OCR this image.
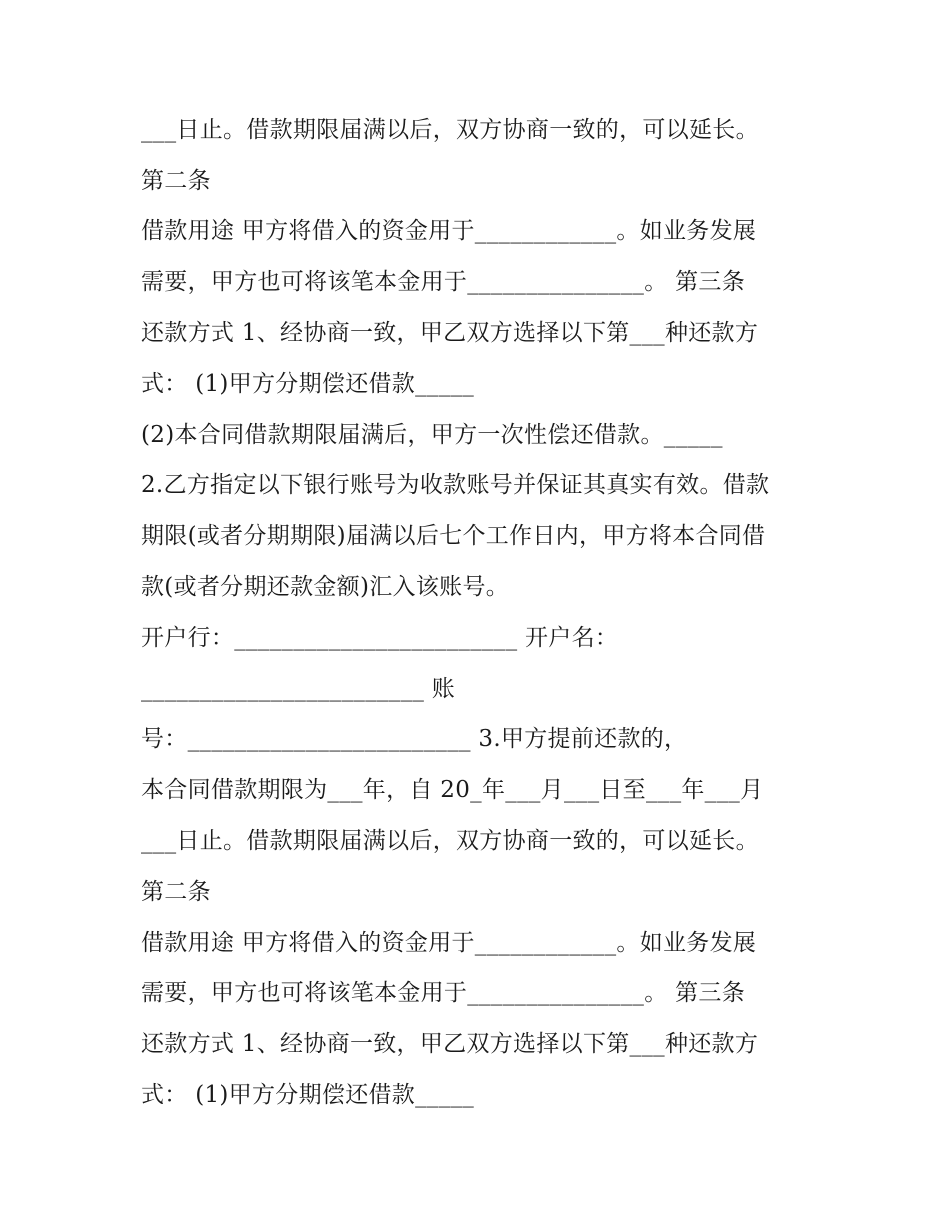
___日止。借款期限届满以后，双方协商一致的，可以延长。
第二条
借款用途 甲方将借入的资金用于____________。如业务发展
需要，甲方也可将该笔本金用于_______________。 第三条
还款方式 1、经协商一致，甲乙双方选择以下第___种还款方
式： (1)甲方分期偿还借款_____
(2)本合同借款期限届满后，甲方一次性偿还借款。_____
2.乙方指定以下银行账号为收款账号并保证其真实有效。借款
期限(或者分期期限)届满以后七个工作日内，甲方将本合同借
款(或者分期还款金额)汇入该账号。
开户行：________________________ 开户名：
________________________ 账
号：________________________ 3.甲方提前还款的，
本合同借款期限为___年，自 20_年___月___日至___年___月
___日止。借款期限届满以后，双方协商一致的，可以延长。
第二条
借款用途 甲方将借入的资金用于____________。如业务发展
需要，甲方也可将该笔本金用于_______________。 第三条
还款方式 1、经协商一致，甲乙双方选择以下第___种还款方
式： (1)甲方分期偿还借款_____
